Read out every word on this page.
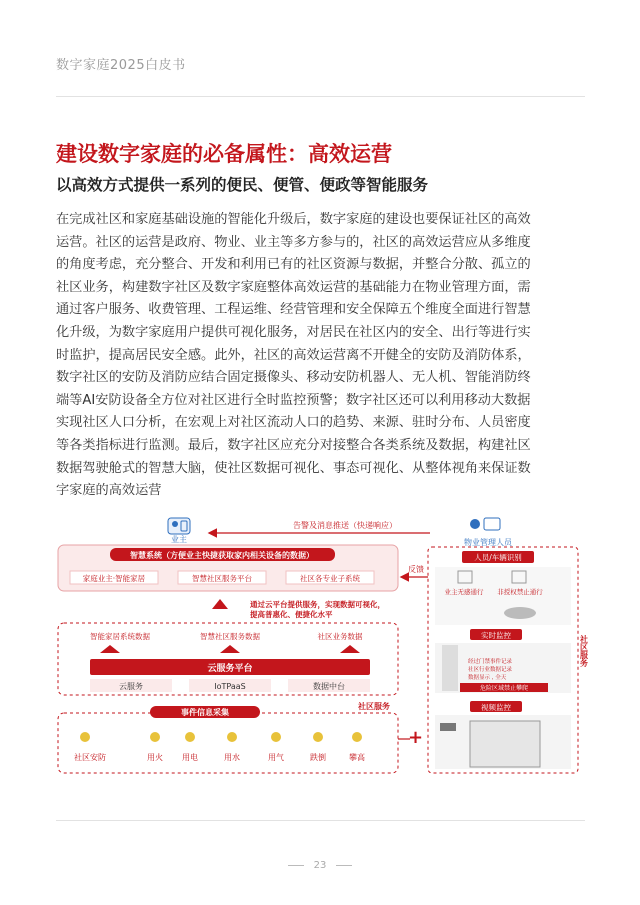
数字家庭2025白皮书
建设数字家庭的必备属性：高效运营
以高效方式提供一系列的便民、便管、便政等智能服务
在完成社区和家庭基础设施的智能化升级后，数字家庭的建设也要保证社区的高效
运营。社区的运营是政府、物业、业主等多方参与的，社区的高效运营应从多维度
的角度考虑，充分整合、开发和利用已有的社区资源与数据，并整合分散、孤立的
社区业务，构建数字社区及数字家庭整体高效运营的基础能力在物业管理方面，需
通过客户服务、收费管理、工程运维、经营管理和安全保障五个维度全面进行智慧
化升级，为数字家庭用户提供可视化服务，对居民在社区内的安全、出行等进行实
时监护，提高居民安全感。此外，社区的高效运营离不开健全的安防及消防体系，
数字社区的安防及消防应结合固定摄像头、移动安防机器人、无人机、智能消防终
端等AI安防设备全方位对社区进行全时监控预警；数字社区还可以利用移动大数据
实现社区人口分析，在宏观上对社区流动人口的趋势、来源、驻时分布、人员密度
等各类指标进行监测。最后，数字社区应充分对接整合各类系统及数据，构建社区
数据驾驶舱式的智慧大脑，使社区数据可视化、事态可视化、从整体视角来保证数
字家庭的高效运营
业主	物业管理人员
告警及消息推送（快递响应）
智慧系统（方便业主快捷获取家内相关设备的数据）
家庭业主·智能家居	智慧社区服务平台	社区各专业子系统
反馈
通过云平台提供服务，实现数据可视化，
提高普惠化、便捷化水平
智能家居系统数据	智慧社区服务数据	社区业务数据
云服务平台
云服务	IoTPaaS	数据中台
社区服务
事件信息采集
社区安防	用火 用电	用水	用气	跌倒	攀高
+
人员/车辆识别
业主无感通行 非授权禁止通行
实时监控
经过门禁事件记录
社区行业数据记录
数据显示 , 全天
危险区域禁止攀爬
视频监控
社区服务
23
